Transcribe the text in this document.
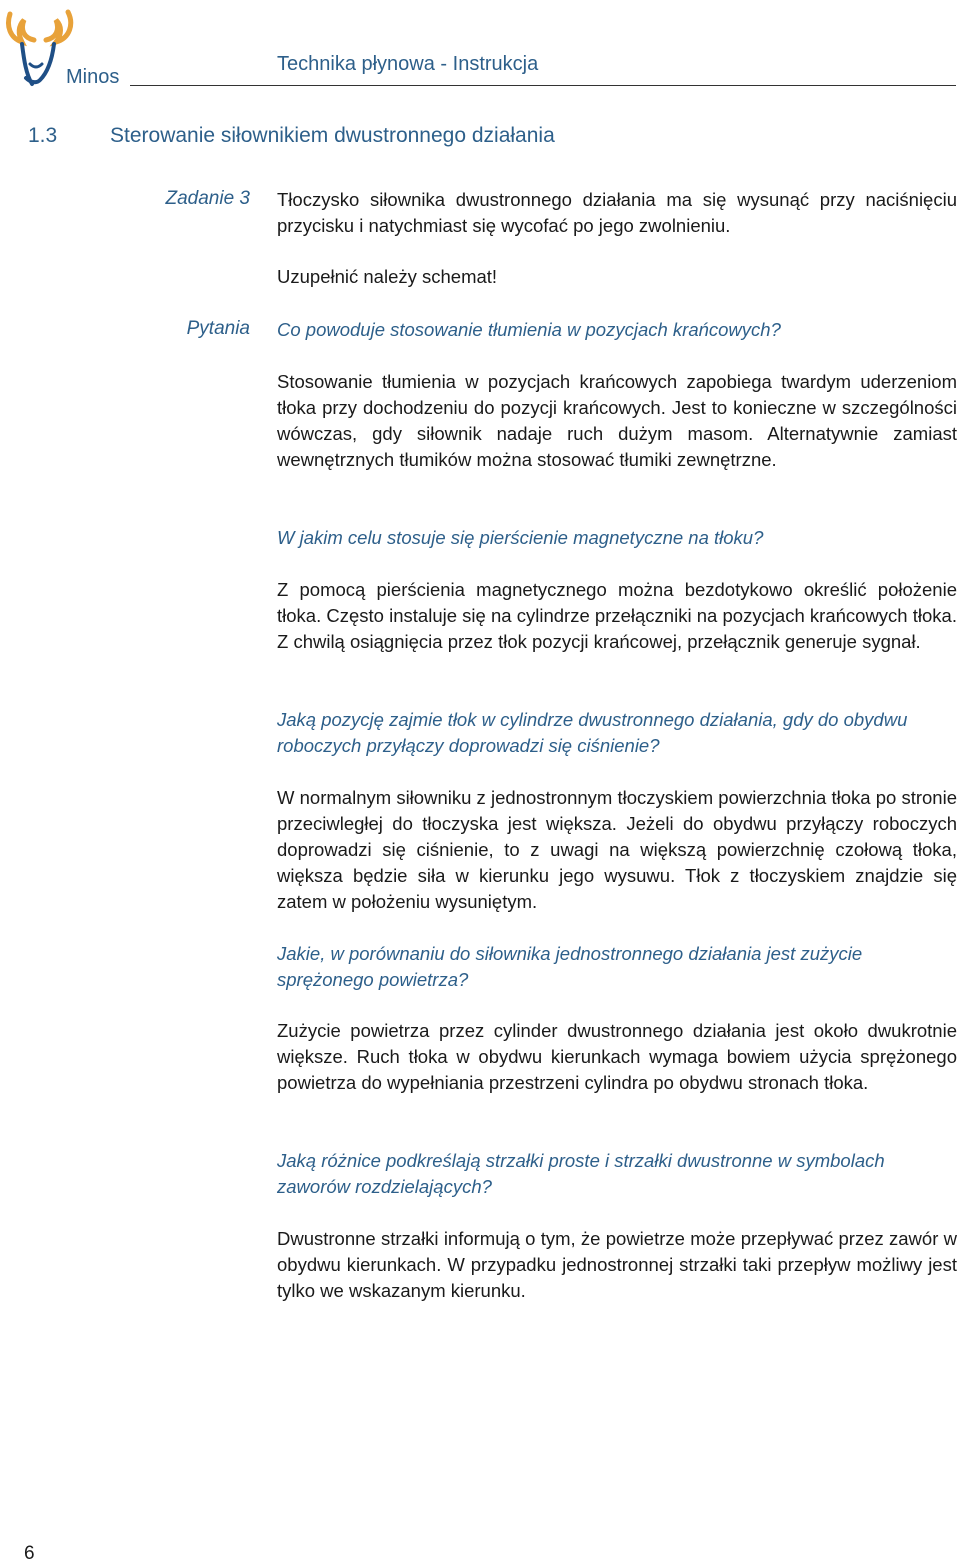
Minos
Technika płynowa - Instrukcja
1.3	Sterowanie siłownikiem dwustronnego działania
Zadanie 3 Tłoczysko siłownika dwustronnego działania ma się wysunąć przy naciśnięciu przycisku i natychmiast się wycofać po jego zwolnieniu.

Uzupełnić należy schemat!

Pytania Co powoduje stosowanie tłumienia w pozycjach krańcowych?

Stosowanie tłumienia w pozycjach krańcowych zapobiega twardym uderzeniom tłoka przy dochodzeniu do pozycji krańcowych. Jest to konieczne w szczególności wówczas, gdy siłownik nadaje ruch dużym masom. Alternatywnie zamiast wewnętrznych tłumików można stosować tłumiki zewnętrzne.

W jakim celu stosuje się pierścienie magnetyczne na tłoku?

Z pomocą pierścienia magnetycznego można bezdotykowo określić położenie tłoka. Często instaluje się na cylindrze przełączniki na pozycjach krańcowych tłoka. Z chwilą osiągnięcia przez tłok pozycji krańcowej, przełącznik generuje sygnał.

Jaką pozycję zajmie tłok w cylindrze dwustronnego działania, gdy do obydwu roboczych przyłączy doprowadzi się ciśnienie?

W normalnym siłowniku z jednostronnym tłoczyskiem powierzchnia tłoka po stronie przeciwległej do tłoczyska jest większa. Jeżeli do obydwu przyłączy roboczych doprowadzi się ciśnienie, to z uwagi na większą powierzchnię czołową tłoka, większa będzie siła w kierunku jego wysuwu. Tłok z tłoczyskiem znajdzie się zatem w położeniu wysuniętym.

Jakie, w porównaniu do siłownika jednostronnego działania jest zużycie sprężonego powietrza?

Zużycie powietrza przez cylinder dwustronnego działania jest około dwukrotnie większe. Ruch tłoka w obydwu kierunkach wymaga bowiem użycia sprężonego powietrza do wypełniania przestrzeni cylindra po obydwu stronach tłoka.

Jaką różnice podkreślają strzałki proste i strzałki dwustronne w symbolach zaworów rozdzielających?

Dwustronne strzałki informują o tym, że powietrze może przepływać przez zawór w obydwu kierunkach. W przypadku jednostronnej strzałki taki przepływ możliwy jest tylko we wskazanym kierunku.

6
